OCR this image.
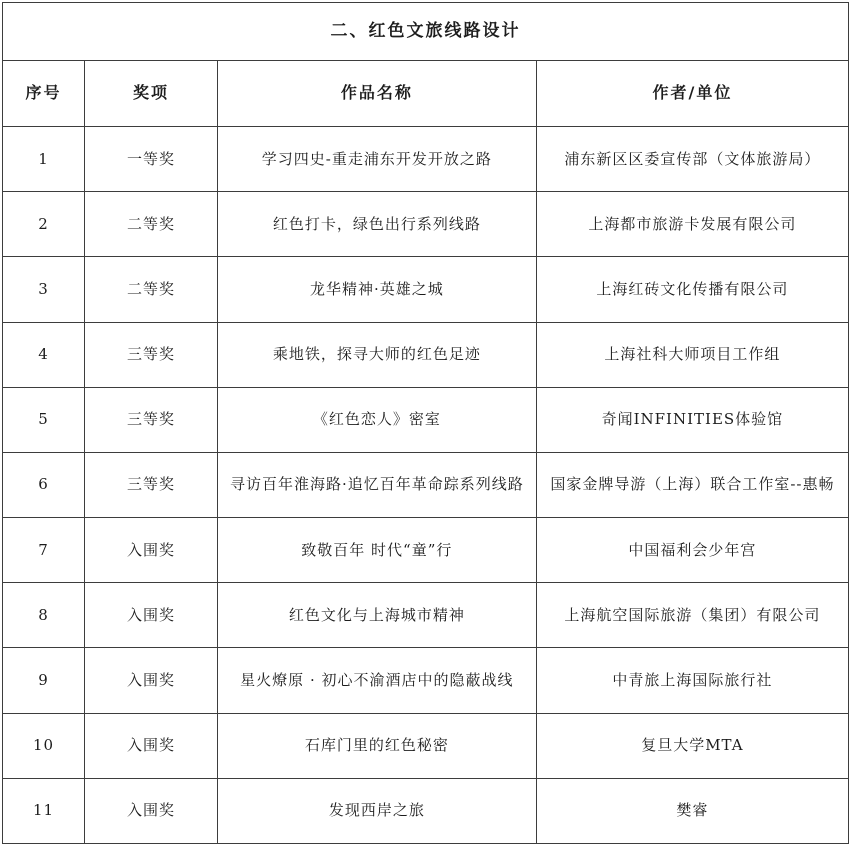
二、红色文旅线路设计			
序号	奖项	作品名称	作者/单位
1	一等奖	学习四史-重走浦东开发开放之路	浦东新区区委宣传部（文体旅游局）
2	二等奖	红色打卡，绿色出行系列线路	上海都市旅游卡发展有限公司
3	二等奖	龙华精神·英雄之城	上海红砖文化传播有限公司
4	三等奖	乘地铁，探寻大师的红色足迹	上海社科大师项目工作组
5	三等奖	《红色恋人》密室	奇闻INFINITIES体验馆
6	三等奖	寻访百年淮海路·追忆百年革命踪系列线路	国家金牌导游（上海）联合工作室--惠畅
7	入围奖	致敬百年 时代“童”行	中国福利会少年宫
8	入围奖	红色文化与上海城市精神	上海航空国际旅游（集团）有限公司
9	入围奖	星火燎原 · 初心不渝酒店中的隐蔽战线	中青旅上海国际旅行社
10	入围奖	石库门里的红色秘密	复旦大学MTA
11	入围奖	发现西岸之旅	樊睿
